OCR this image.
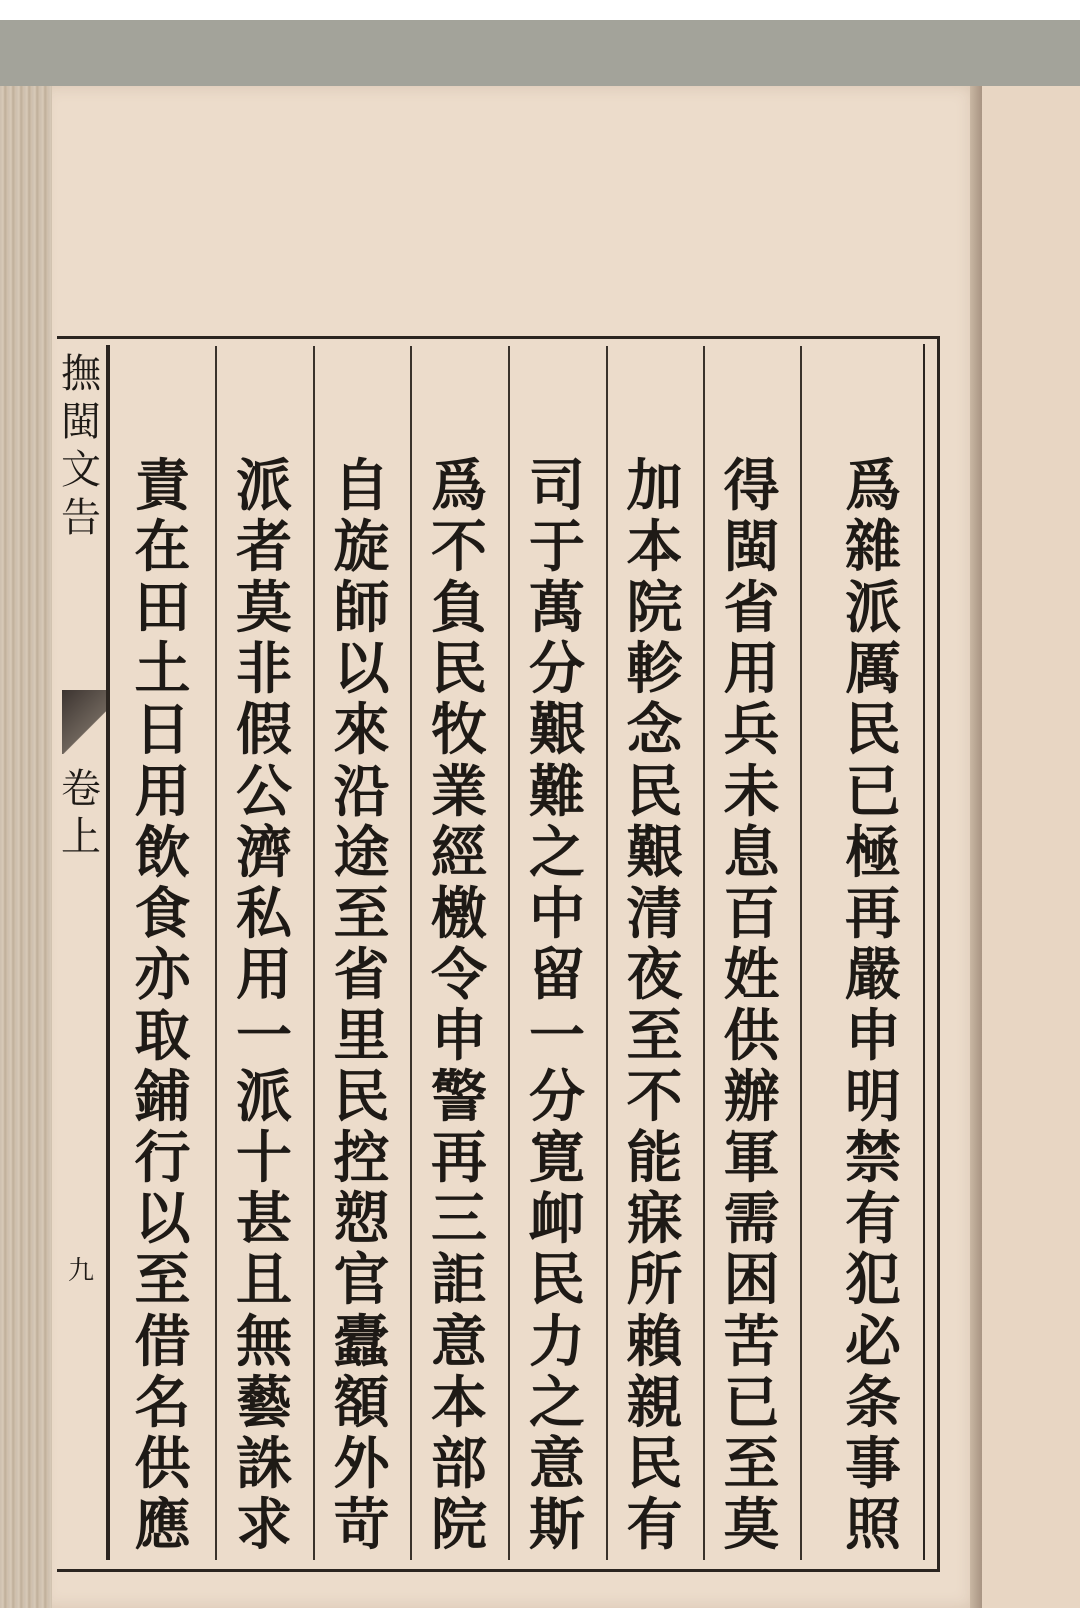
撫
閩
文
告
卷
上
九
爲
雜
派
厲
民
已
極
再
嚴
申
明
禁
有
犯
必
条
事
照
得
閩
省
用
兵
未
息
百
姓
供
辦
軍
需
困
苦
已
至
莫
加
本
院
軫
念
民
艱
清
夜
至
不
能
寐
所
賴
親
民
有
司
于
萬
分
艱
難
之
中
留
一
分
寛
卹
民
力
之
意
斯
爲
不
負
民
牧
業
經
檄
令
申
警
再
三
詎
意
本
部
院
自
旋
師
以
來
沿
途
至
省
里
民
控
愬
官
蠹
額
外
苛
派
者
莫
非
假
公
濟
私
用
一
派
十
甚
且
無
藝
誅
求
責
在
田
土
日
用
飲
食
亦
取
鋪
行
以
至
借
名
供
應
